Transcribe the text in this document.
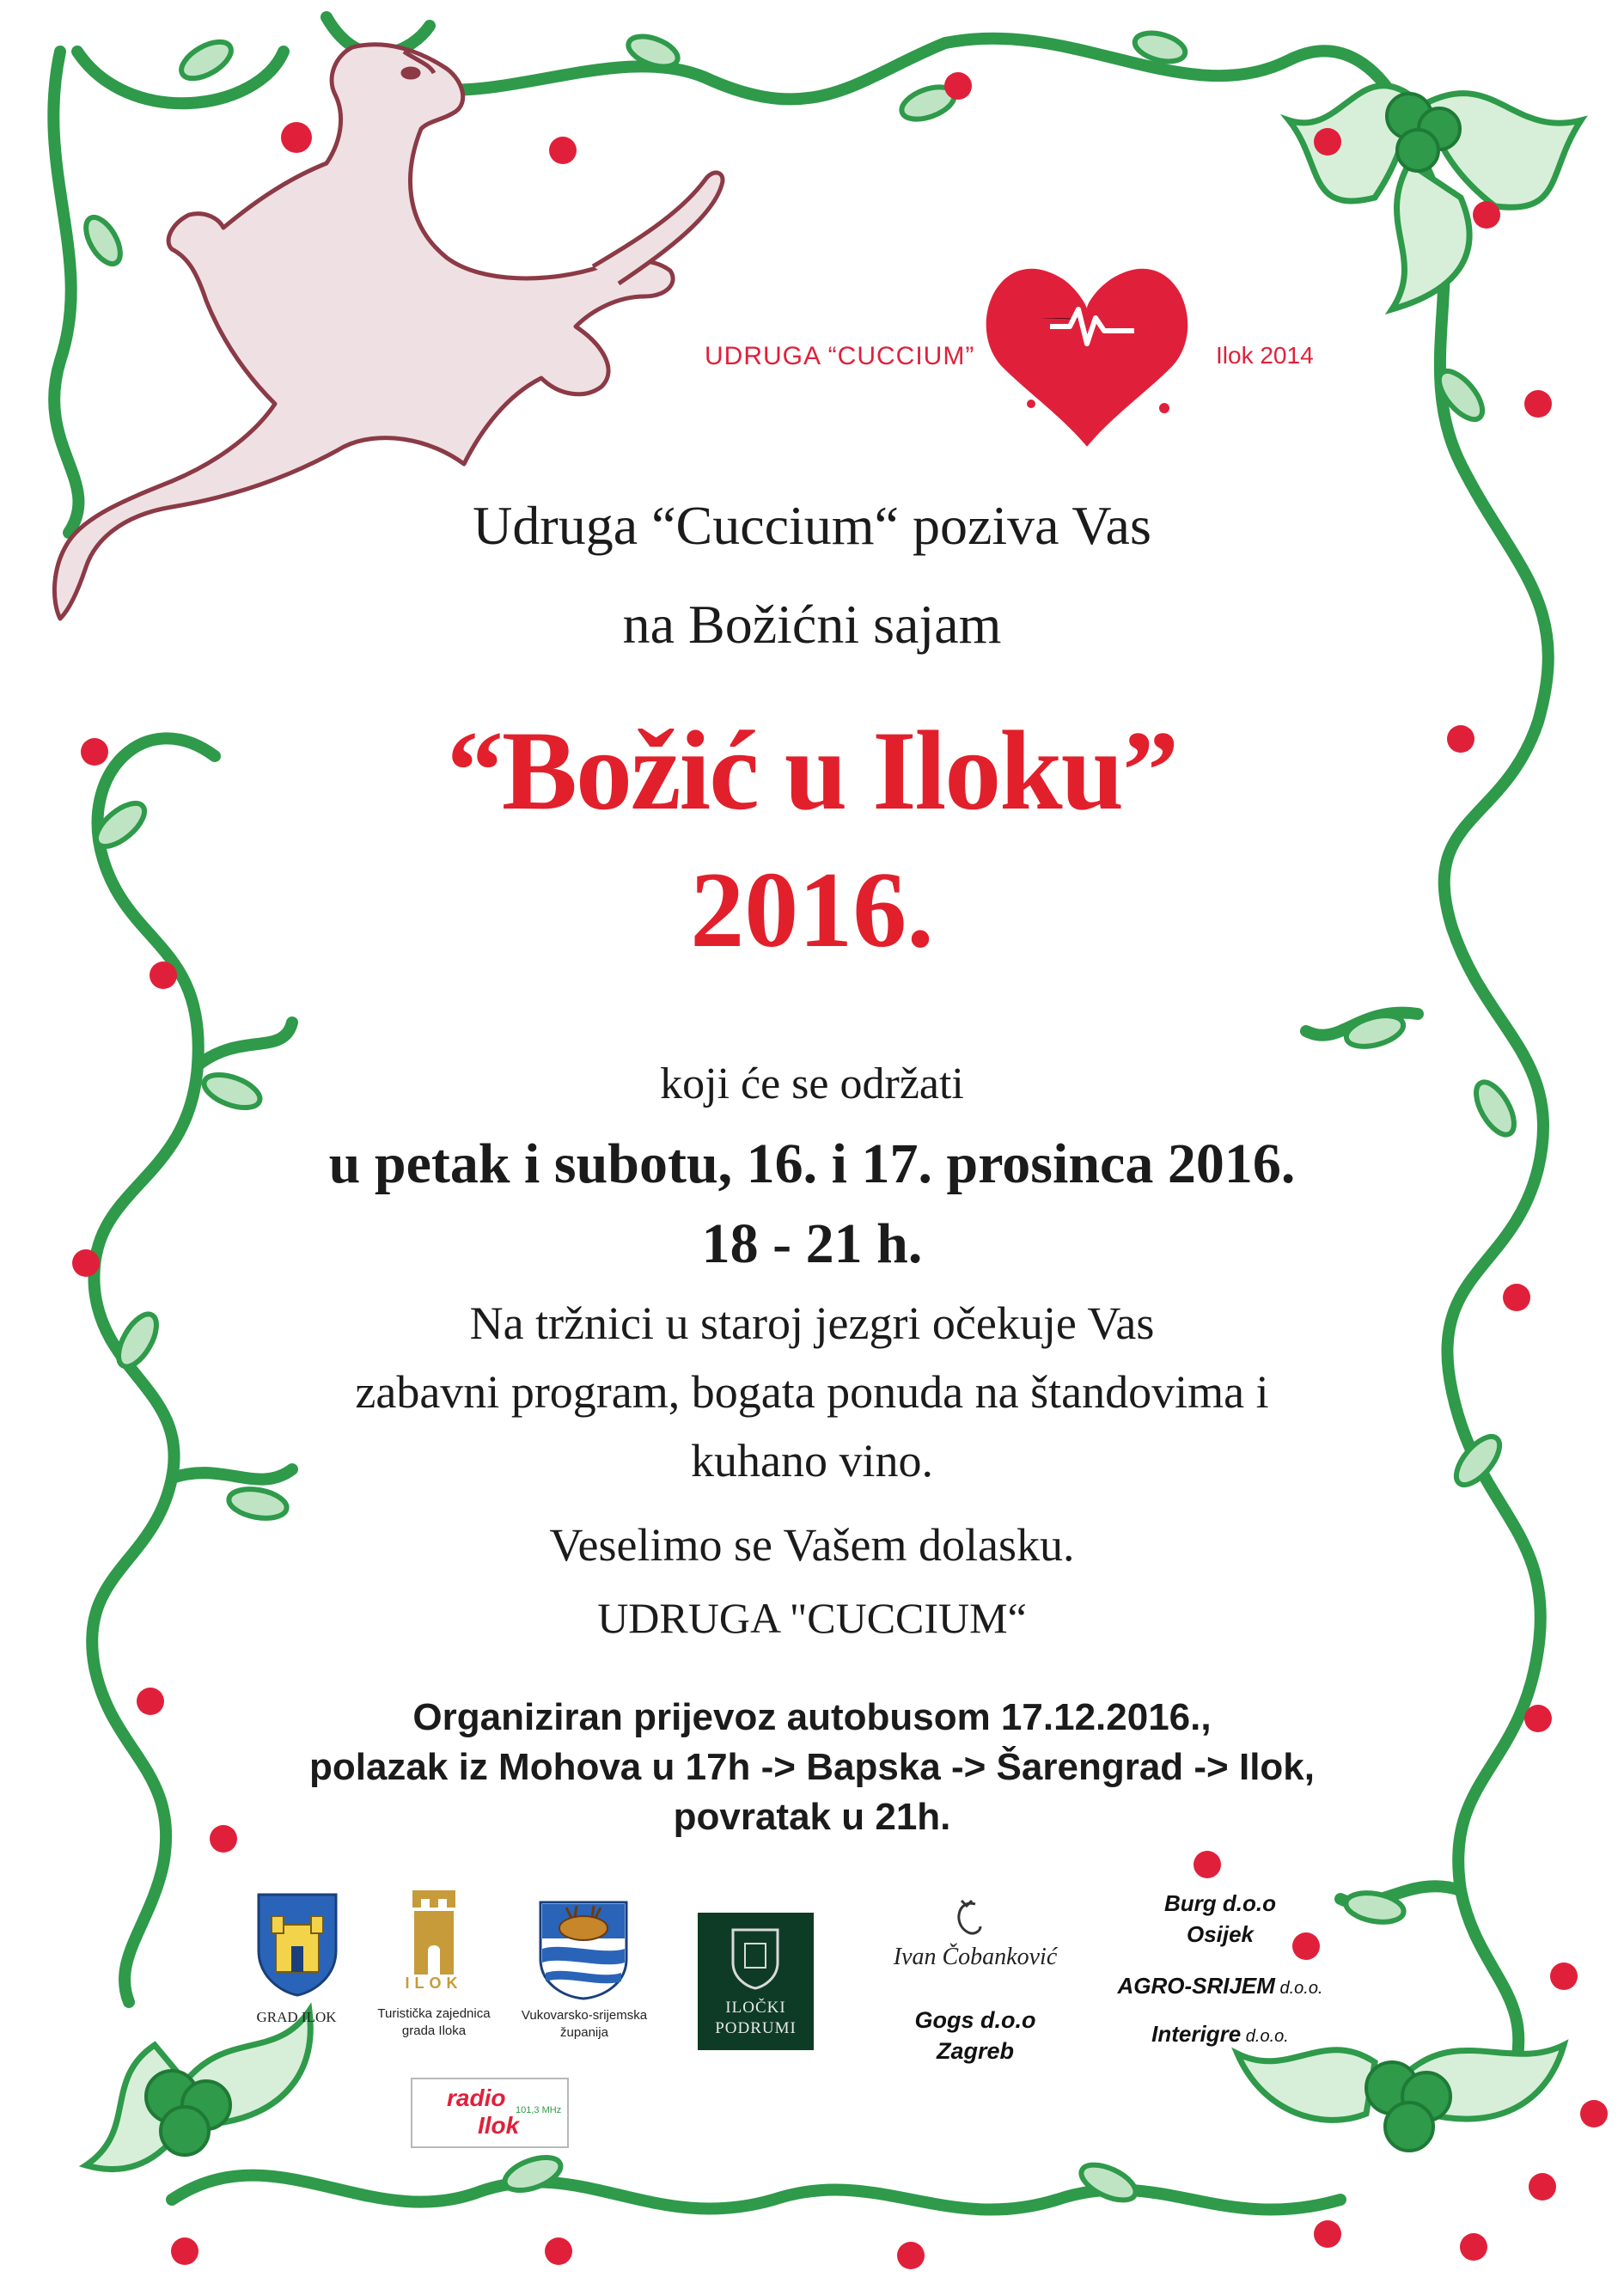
UDRUGA “CUCCIUM”	Ilok 2014
Udruga “Cuccium“ poziva Vas
na Božićni sajam
“Božić u Iloku”
2016.
koji će se održati
u petak i subotu, 16. i 17. prosinca 2016.
18 - 21 h.
Na tržnici u staroj jezgri očekuje Vas
zabavni program, bogata ponuda na štandovima i
kuhano vino.
Veselimo se Vašem dolasku.
UDRUGA "CUCCIUM“
Organiziran prijevoz autobusom 17.12.2016.,
polazak iz Mohova u 17h -> Bapska -> Šarengrad -> Ilok,
povratak u 21h.
GRAD ILOK
ILOK
Turistička zajednica
grada Iloka
Vukovarsko-srijemska
županija
ILOČKI
PODRUMI
Ivan Čobanković
Gogs d.o.o
Zagreb
Burg d.o.o
Osijek
AGRO-SRIJEM d.o.o.
Interigre d.o.o.
radio
Ilok
101,3 MHz
